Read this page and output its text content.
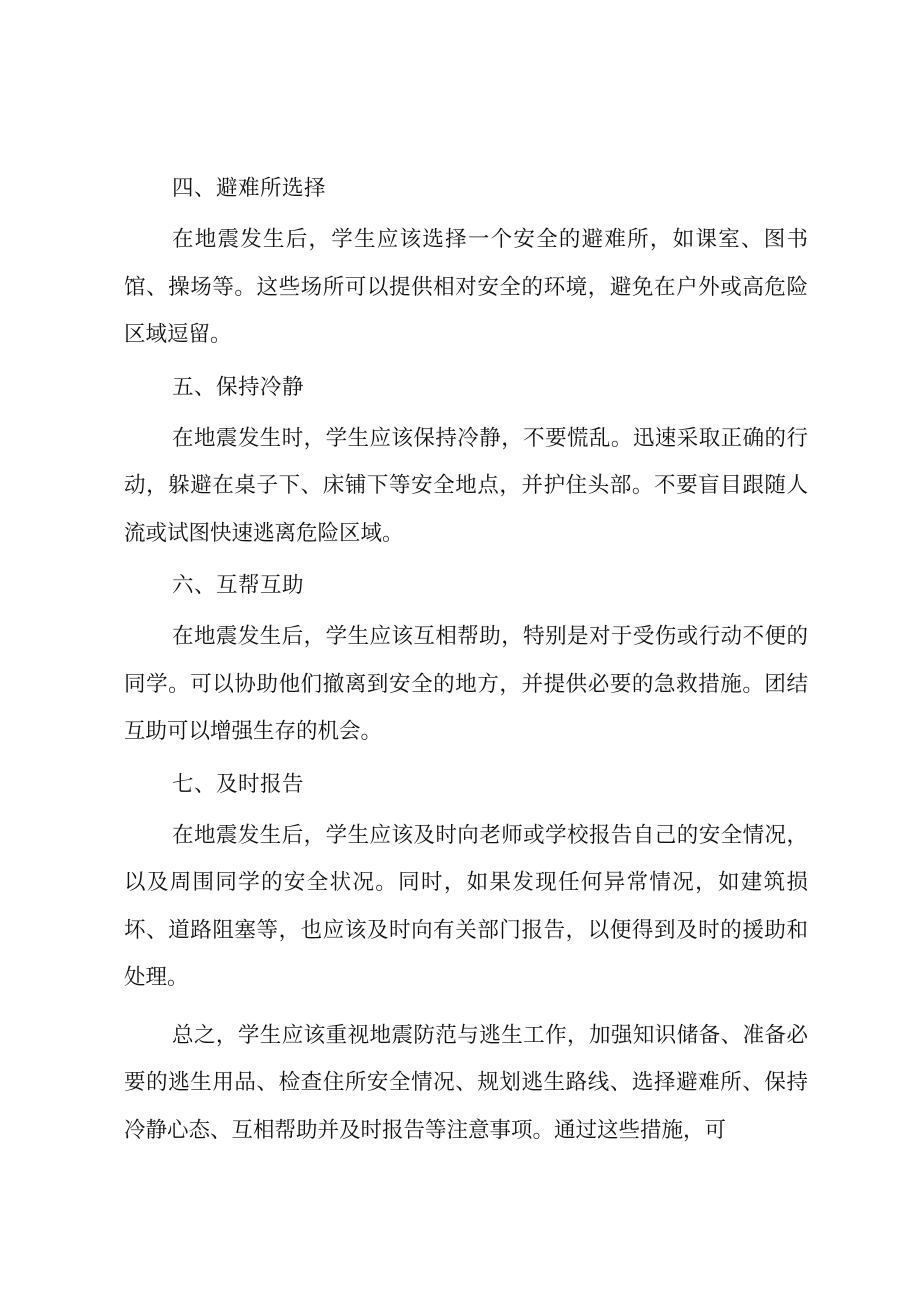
四、避难所选择

在地震发生后，学生应该选择一个安全的避难所，如课室、图书馆、操场等。这些场所可以提供相对安全的环境，避免在户外或高危险区域逗留。

五、保持冷静

在地震发生时，学生应该保持冷静，不要慌乱。迅速采取正确的行动，躲避在桌子下、床铺下等安全地点，并护住头部。不要盲目跟随人流或试图快速逃离危险区域。

六、互帮互助

在地震发生后，学生应该互相帮助，特别是对于受伤或行动不便的同学。可以协助他们撤离到安全的地方，并提供必要的急救措施。团结互助可以增强生存的机会。

七、及时报告

在地震发生后，学生应该及时向老师或学校报告自己的安全情况，以及周围同学的安全状况。同时，如果发现任何异常情况，如建筑损坏、道路阻塞等，也应该及时向有关部门报告，以便得到及时的援助和处理。

总之，学生应该重视地震防范与逃生工作，加强知识储备、准备必要的逃生用品、检查住所安全情况、规划逃生路线、选择避难所、保持冷静心态、互相帮助并及时报告等注意事项。通过这些措施，可
